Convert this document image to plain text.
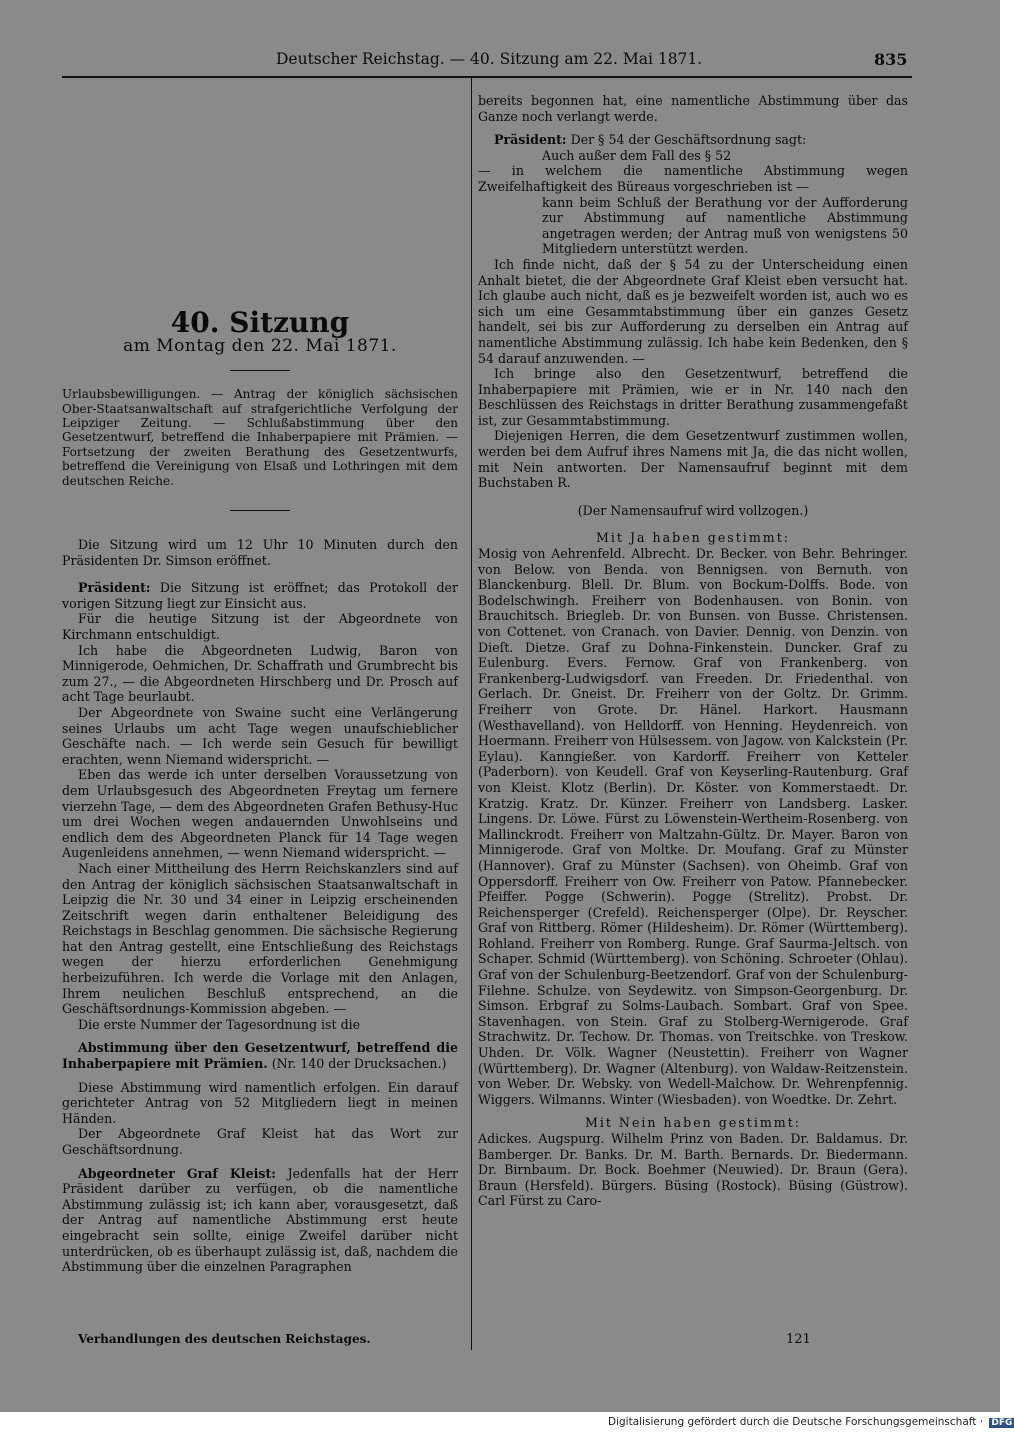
Deutscher Reichstag. — 40. Sitzung am 22. Mai 1871.	835
40. Sitzung
am Montag den 22. Mai 1871.
Urlaubsbewilligungen. — Antrag der königlich sächsischen Ober-Staatsanwaltschaft auf strafgerichtliche Verfolgung der Leipziger Zeitung. — Schlußabstimmung über den Gesetzentwurf, betreffend die Inhaberpapiere mit Prämien. — Fortsetzung der zweiten Berathung des Gesetzentwurfs, betreffend die Vereinigung von Elsaß und Lothringen mit dem deutschen Reiche.

Die Sitzung wird um 12 Uhr 10 Minuten durch den Präsidenten Dr. Simson eröffnet.

Präsident: Die Sitzung ist eröffnet; das Protokoll der vorigen Sitzung liegt zur Einsicht aus.

Für die heutige Sitzung ist der Abgeordnete von Kirchmann entschuldigt.

Ich habe die Abgeordneten Ludwig, Baron von Minnigerode, Oehmichen, Dr. Schaffrath und Grumbrecht bis zum 27., — die Abgeordneten Hirschberg und Dr. Prosch auf acht Tage beurlaubt.

Der Abgeordnete von Swaine sucht eine Verlängerung seines Urlaubs um acht Tage wegen unaufschieblicher Geschäfte nach. — Ich werde sein Gesuch für bewilligt erachten, wenn Niemand widerspricht. —

Eben das werde ich unter derselben Voraussetzung von dem Urlaubsgesuch des Abgeordneten Freytag um fernere vierzehn Tage, — dem des Abgeordneten Grafen Bethusy-Huc um drei Wochen wegen andauernden Unwohlseins und endlich dem des Abgeordneten Planck für 14 Tage wegen Augenleidens annehmen, — wenn Niemand widerspricht. —

Nach einer Mittheilung des Herrn Reichskanzlers sind auf den Antrag der königlich sächsischen Staatsanwaltschaft in Leipzig die Nr. 30 und 34 einer in Leipzig erscheinenden Zeitschrift wegen darin enthaltener Beleidigung des Reichstags in Beschlag genommen. Die sächsische Regierung hat den Antrag gestellt, eine Entschließung des Reichstags wegen der hierzu erforderlichen Genehmigung herbeizuführen. Ich werde die Vorlage mit den Anlagen, Ihrem neulichen Beschluß entsprechend, an die Geschäftsordnungs-Kommission abgeben. —

Die erste Nummer der Tagesordnung ist die

Abstimmung über den Gesetzentwurf, betreffend die Inhaberpapiere mit Prämien. (Nr. 140 der Drucksachen.)

Diese Abstimmung wird namentlich erfolgen. Ein darauf gerichteter Antrag von 52 Mitgliedern liegt in meinen Händen.

Der Abgeordnete Graf Kleist hat das Wort zur Geschäftsordnung.

Abgeordneter Graf Kleist: Jedenfalls hat der Herr Präsident darüber zu verfügen, ob die namentliche Abstimmung zulässig ist; ich kann aber, vorausgesetzt, daß der Antrag auf namentliche Abstimmung erst heute eingebracht sein sollte, einige Zweifel darüber nicht unterdrücken, ob es überhaupt zulässig ist, daß, nachdem die Abstimmung über die einzelnen Paragraphen

Verhandlungen des deutschen Reichstages.	121

bereits begonnen hat, eine namentliche Abstimmung über das Ganze noch verlangt werde.

Präsident: Der § 54 der Geschäftsordnung sagt:

Auch außer dem Fall des § 52

— in welchem die namentliche Abstimmung wegen Zweifelhaftigkeit des Büreaus vorgeschrieben ist —

kann beim Schluß der Berathung vor der Aufforderung zur Abstimmung auf namentliche Abstimmung angetragen werden; der Antrag muß von wenigstens 50 Mitgliedern unterstützt werden.

Ich finde nicht, daß der § 54 zu der Unterscheidung einen Anhalt bietet, die der Abgeordnete Graf Kleist eben versucht hat. Ich glaube auch nicht, daß es je bezweifelt worden ist, auch wo es sich um eine Gesammtabstimmung über ein ganzes Gesetz handelt, sei bis zur Aufforderung zu derselben ein Antrag auf namentliche Abstimmung zulässig. Ich habe kein Bedenken, den § 54 darauf anzuwenden. —

Ich bringe also den Gesetzentwurf, betreffend die Inhaberpapiere mit Prämien, wie er in Nr. 140 nach den Beschlüssen des Reichstags in dritter Berathung zusammengefaßt ist, zur Gesammtabstimmung.

Diejenigen Herren, die dem Gesetzentwurf zustimmen wollen, werden bei dem Aufruf ihres Namens mit Ja, die das nicht wollen, mit Nein antworten. Der Namensaufruf beginnt mit dem Buchstaben R.

(Der Namensaufruf wird vollzogen.)

Mit Ja haben gestimmt:

Mosig von Aehrenfeld. Albrecht. Dr. Becker. von Behr. Behringer. von Below. von Benda. von Bennigsen. von Bernuth. von Blanckenburg. Blell. Dr. Blum. von Bockum-Dolffs. Bode. von Bodelschwingh. Freiherr von Bodenhausen. von Bonin. von Brauchitsch. Briegleb. Dr. von Bunsen. von Busse. Christensen. von Cottenet. von Cranach. von Davier. Dennig. von Denzin. von Dieſt. Dietze. Graf zu Dohna-Finkenstein. Duncker. Graf zu Eulenburg. Evers. Fernow. Graf von Frankenberg. von Frankenberg-Ludwigsdorf. van Freeden. Dr. Friedenthal. von Gerlach. Dr. Gneist. Dr. Freiherr von der Goltz. Dr. Grimm. Freiherr von Grote. Dr. Hänel. Harkort. Hausmann (Westhavelland). von Helldorff. von Henning. Heydenreich. von Hoermann. Freiherr von Hülsessem. von Jagow. von Kalckstein (Pr. Eylau). Kanngießer. von Kardorff. Freiherr von Ketteler (Paderborn). von Keudell. Graf von Keyserling-Rautenburg. Graf von Kleist. Klotz (Berlin). Dr. Köster. von Kommerstaedt. Dr. Kratzig. Kratz. Dr. Künzer. Freiherr von Landsberg. Lasker. Lingens. Dr. Löwe. Fürst zu Löwenstein-Wertheim-Rosenberg. von Mallinckrodt. Freiherr von Maltzahn-Gültz. Dr. Mayer. Baron von Minnigerode. Graf von Moltke. Dr. Moufang. Graf zu Münster (Hannover). Graf zu Münster (Sachsen). von Oheimb. Graf von Oppersdorff. Freiherr von Ow. Freiherr von Patow. Pfannebecker. Pfeiffer. Pogge (Schwerin). Pogge (Strelitz). Probst. Dr. Reichensperger (Crefeld). Reichensperger (Olpe). Dr. Reyscher. Graf von Rittberg. Römer (Hildesheim). Dr. Römer (Württemberg). Rohland. Freiherr von Romberg. Runge. Graf Saurma-Jeltsch. von Schaper. Schmid (Württemberg). von Schöning. Schroeter (Ohlau). Graf von der Schulenburg-Beetzendorf. Graf von der Schulenburg-Filehne. Schulze. von Seydewitz. von Simpson-Georgenburg. Dr. Simson. Erbgraf zu Solms-Laubach. Sombart. Graf von Spee. Stavenhagen. von Stein. Graf zu Stolberg-Wernigerode. Graf Strachwitz. Dr. Techow. Dr. Thomas. von Treitschke. von Treskow. Uhden. Dr. Völk. Wagner (Neustettin). Freiherr von Wagner (Württemberg). Dr. Wagner (Altenburg). von Waldaw-Reitzenstein. von Weber. Dr. Websky. von Wedell-Malchow. Dr. Wehrenpfennig. Wiggers. Wilmanns. Winter (Wiesbaden). von Woedtke. Dr. Zehrt.

Mit Nein haben gestimmt:

Adickes. Augspurg. Wilhelm Prinz von Baden. Dr. Baldamus. Dr. Bamberger. Dr. Banks. Dr. M. Barth. Bernards. Dr. Biedermann. Dr. Birnbaum. Dr. Bock. Boehmer (Neuwied). Dr. Braun (Gera). Braun (Hersfeld). Bürgers. Büsing (Rostock). Büsing (Güstrow). Carl Fürst zu Caro-

Digitalisierung gefördert durch die Deutsche Forschungsgemeinschaft · DFG
